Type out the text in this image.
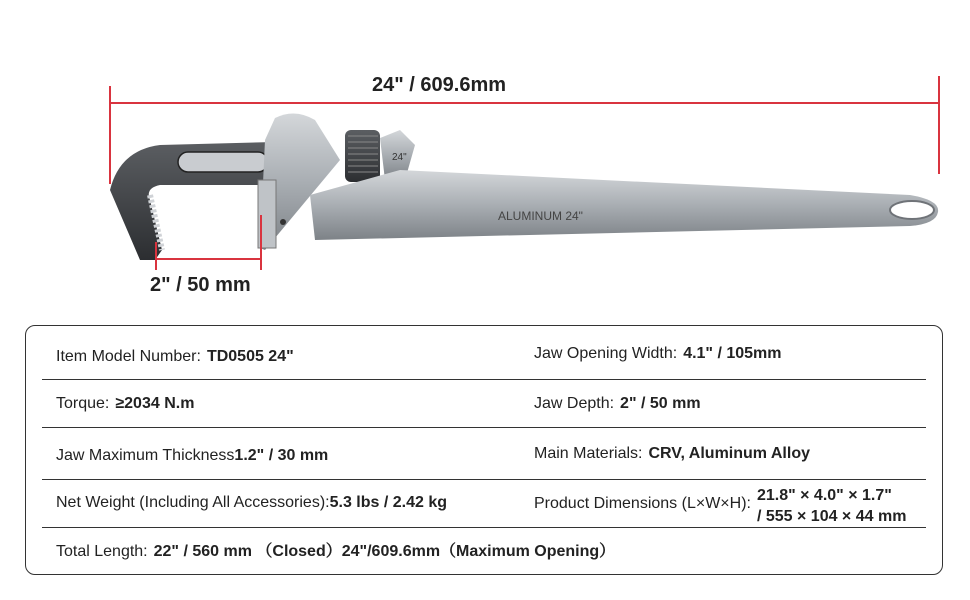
24" / 609.6mm
24"
ALUMINUM 24"
2" / 50 mm
Item Model Number: TD0505 24"	Jaw Opening Width: 4.1" / 105mm
Torque: ≥2034 N.m	Jaw Depth: 2" / 50 mm
Jaw Maximum Thickness1.2" / 30 mm	Main Materials: CRV, Aluminum Alloy
Net Weight (Including All Accessories):5.3 lbs / 2.42 kg	Product Dimensions (L×W×H): 21.8" × 4.0" × 1.7"
/ 555 × 104 × 44 mm
Total Length: 22" / 560 mm （Closed）24"/609.6mm（Maximum Opening）
